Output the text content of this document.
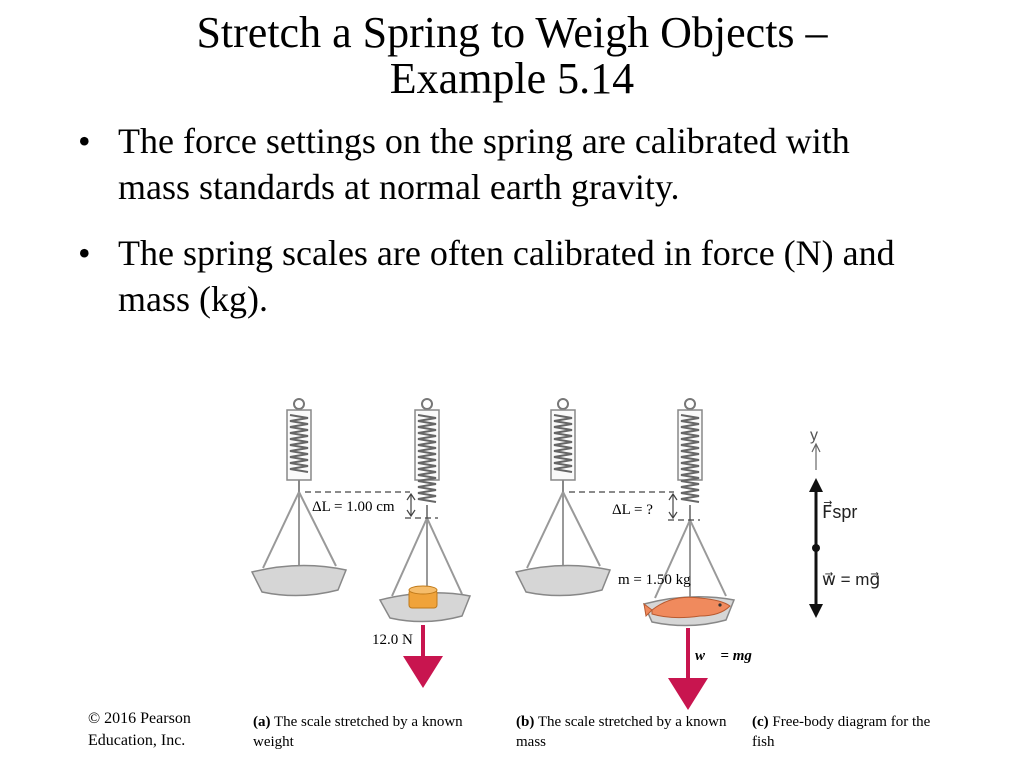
Stretch a Spring to Weigh Objects –
Example 5.14
• The force settings on the spring are calibrated with mass standards at normal earth gravity.
• The spring scales are often calibrated in force (N) and mass (kg).
ΔL = 1.00 cm
12.0 N
ΔL = ?
m = 1.50 kg
w⃗ = mg⃗
y
F⃗spr
w⃗ = mg⃗
(a) The scale stretched by a known weight
(b) The scale stretched by a known mass
(c) Free-body diagram for the fish
© 2016 Pearson
Education, Inc.
